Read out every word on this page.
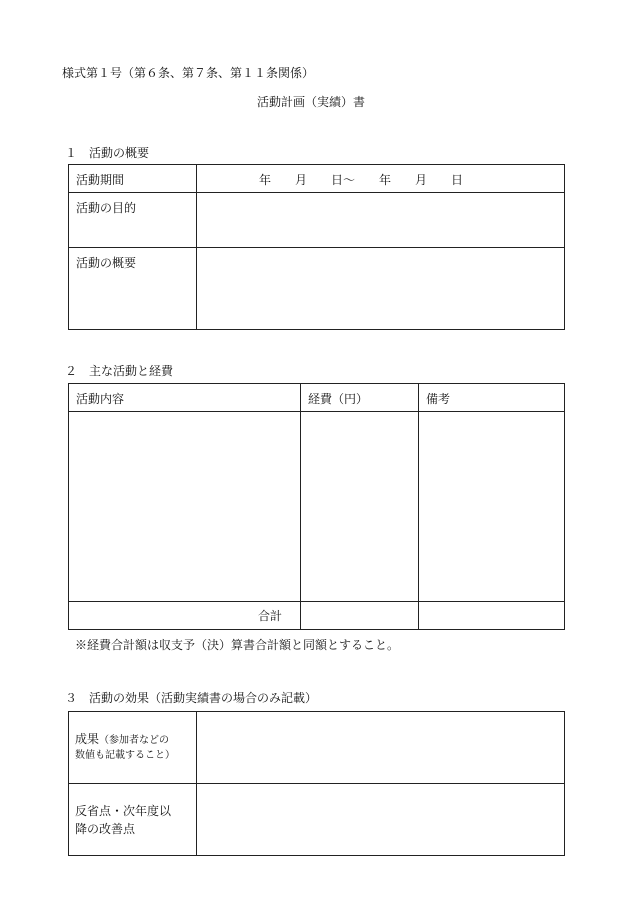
様式第１号（第６条、第７条、第１１条関係）
活動計画（実績）書
１　活動の概要
活動期間	年　　月　　日～　　年　　月　　日
活動の目的	
活動の概要	
２　主な活動と経費
活動内容	経費（円）	備考

合計		
※経費合計額は収支予（決）算書合計額と同額とすること。
３　活動の効果（活動実績書の場合のみ記載）
成果（参加者などの
数値も記載すること）	

反省点・次年度以
降の改善点	
